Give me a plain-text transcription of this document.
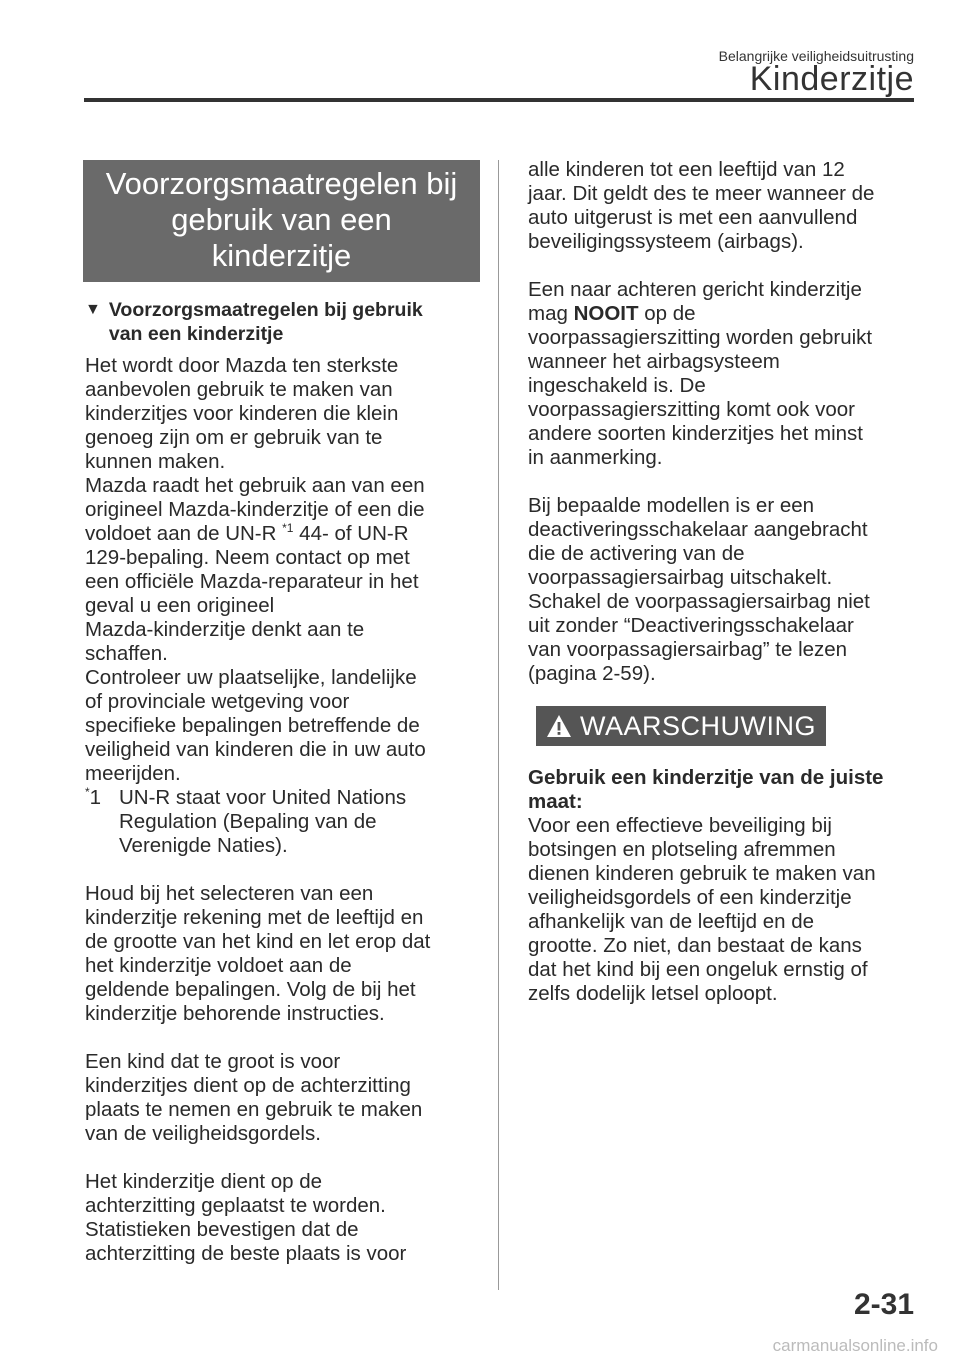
Belangrijke veiligheidsuitrusting
Kinderzitje
Voorzorgsmaatregelen bij
gebruik van een
kinderzitje
▼ Voorzorgsmaatregelen bij gebruik
van een kinderzitje
Het wordt door Mazda ten sterkste
aanbevolen gebruik te maken van
kinderzitjes voor kinderen die klein
genoeg zijn om er gebruik van te
kunnen maken.
Mazda raadt het gebruik aan van een
origineel Mazda-kinderzitje of een die
voldoet aan de UN-R $^{*1}$ 44- of UN-R
129-bepaling. Neem contact op met
een officiële Mazda-reparateur in het
geval u een origineel
Mazda-kinderzitje denkt aan te
schaffen.
Controleer uw plaatselijke, landelijke
of provinciale wetgeving voor
specifieke bepalingen betreffende de
veiligheid van kinderen die in uw auto
meerijden.
*1 UN-R staat voor United Nations
Regulation (Bepaling van de
Verenigde Naties).
Houd bij het selecteren van een
kinderzitje rekening met de leeftijd en
de grootte van het kind en let erop dat
het kinderzitje voldoet aan de
geldende bepalingen. Volg de bij het
kinderzitje behorende instructies.
Een kind dat te groot is voor
kinderzitjes dient op de achterzitting
plaats te nemen en gebruik te maken
van de veiligheidsgordels.
Het kinderzitje dient op de
achterzitting geplaatst te worden.
Statistieken bevestigen dat de
achterzitting de beste plaats is voor
alle kinderen tot een leeftijd van 12
jaar. Dit geldt des te meer wanneer de
auto uitgerust is met een aanvullend
beveiligingssysteem (airbags).
Een naar achteren gericht kinderzitje
mag NOOIT op de
voorpassagierszitting worden gebruikt
wanneer het airbagsysteem
ingeschakeld is. De
voorpassagierszitting komt ook voor
andere soorten kinderzitjes het minst
in aanmerking.
Bij bepaalde modellen is er een
deactiveringsschakelaar aangebracht
die de activering van de
voorpassagiersairbag uitschakelt.
Schakel de voorpassagiersairbag niet
uit zonder “Deactiveringsschakelaar
van voorpassagiersairbag” te lezen
(pagina 2-59).
WAARSCHUWING
Gebruik een kinderzitje van de juiste
maat:
Voor een effectieve beveiliging bij
botsingen en plotseling afremmen
dienen kinderen gebruik te maken van
veiligheidsgordels of een kinderzitje
afhankelijk van de leeftijd en de
grootte. Zo niet, dan bestaat de kans
dat het kind bij een ongeluk ernstig of
zelfs dodelijk letsel oploopt.
2-31
carmanualsonline.info
